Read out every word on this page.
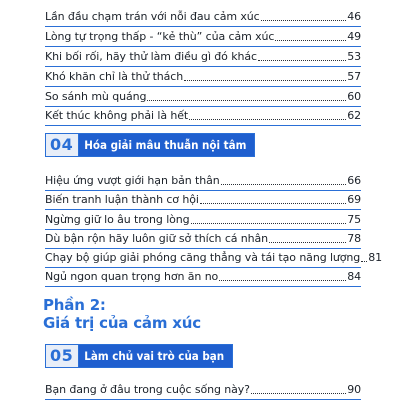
Lần đầu chạm trán với nỗi đau cảm xúc	46
Lòng tự trọng thấp - “kẻ thù” của cảm xúc	49
Khi bối rối, hãy thử làm điều gì đó khác	53
Khó khăn chỉ là thử thách	57
So sánh mù quáng	60
Kết thúc không phải là hết	62
04 Hóa giải mâu thuẫn nội tâm
Hiệu ứng vượt giới hạn bản thân	66
Biến tranh luận thành cơ hội	69
Ngừng giữ lo âu trong lòng	75
Dù bận rộn hãy luôn giữ sở thích cá nhân	78
Chạy bộ giúp giải phóng căng thẳng và tái tạo năng lượng 81
Ngủ ngon quan trọng hơn ăn no	84
Phần 2:
Giá trị của cảm xúc
05 Làm chủ vai trò của bạn
Bạn đang ở đâu trong cuộc sống này?	90
